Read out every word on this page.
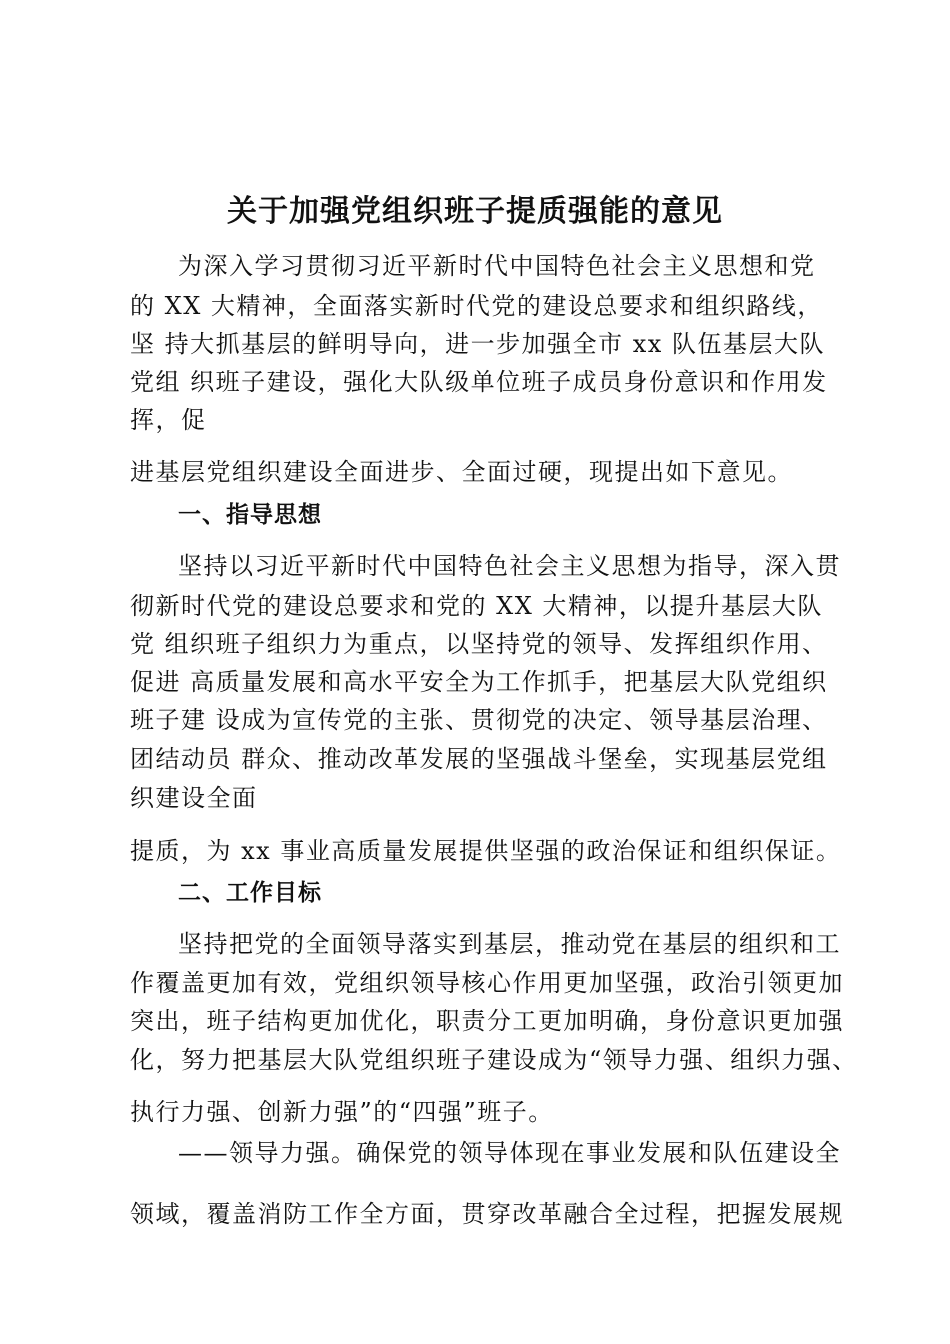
关于加强党组织班子提质强能的意见
为深入学习贯彻习近平新时代中国特色社会主义思想和党
的 XX 大精神，全面落实新时代党的建设总要求和组织路线，
坚 持大抓基层的鲜明导向，进一步加强全市 xx 队伍基层大队
党组 织班子建设，强化大队级单位班子成员身份意识和作用发
挥，促
进基层党组织建设全面进步、全面过硬，现提出如下意见。
一、指导思想
坚持以习近平新时代中国特色社会主义思想为指导，深入贯
彻新时代党的建设总要求和党的 XX 大精神，以提升基层大队
党 组织班子组织力为重点，以坚持党的领导、发挥组织作用、
促进 高质量发展和高水平安全为工作抓手，把基层大队党组织
班子建 设成为宣传党的主张、贯彻党的决定、领导基层治理、
团结动员 群众、推动改革发展的坚强战斗堡垒，实现基层党组
织建设全面
提质，为 xx 事业高质量发展提供坚强的政治保证和组织保证。
二、工作目标
坚持把党的全面领导落实到基层，推动党在基层的组织和工
作覆盖更加有效，党组织领导核心作用更加坚强，政治引领更加
突出，班子结构更加优化，职责分工更加明确，身份意识更加强
化，努力把基层大队党组织班子建设成为“领导力强、组织力强、
执行力强、创新力强”的“四强”班子。
——领导力强。确保党的领导体现在事业发展和队伍建设全
领域，覆盖消防工作全方面，贯穿改革融合全过程，把握发展规
